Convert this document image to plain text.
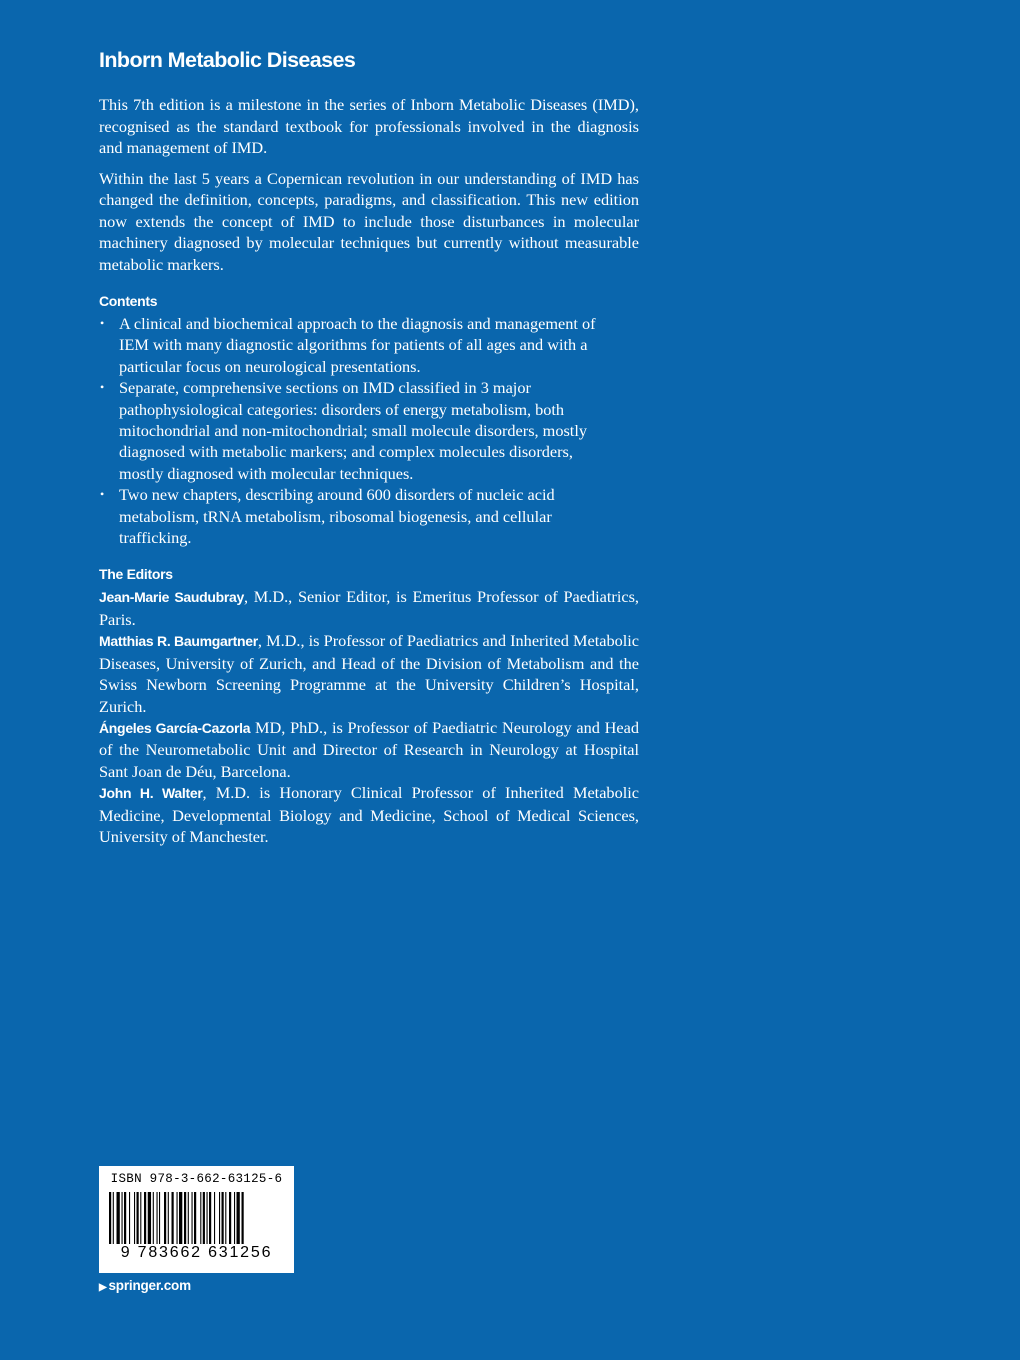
Inborn Metabolic Diseases

This 7th edition is a milestone in the series of Inborn Metabolic Diseases (IMD), recognised as the standard textbook for professionals involved in the diagnosis and management of IMD.

Within the last 5 years a Copernican revolution in our understanding of IMD has changed the definition, concepts, paradigms, and classification. This new edition now extends the concept of IMD to include those disturbances in molecular machinery diagnosed by molecular techniques but currently without measurable metabolic markers.

Contents
• A clinical and biochemical approach to the diagnosis and management of IEM with many diagnostic algorithms for patients of all ages and with a particular focus on neurological presentations.
• Separate, comprehensive sections on IMD classified in 3 major pathophysiological categories: disorders of energy metabolism, both mitochondrial and non-mitochondrial; small molecule disorders, mostly diagnosed with metabolic markers; and complex molecules disorders, mostly diagnosed with molecular techniques.
• Two new chapters, describing around 600 disorders of nucleic acid metabolism, tRNA metabolism, ribosomal biogenesis, and cellular trafficking.
The Editors

Jean-Marie Saudubray, M.D., Senior Editor, is Emeritus Professor of Paediatrics, Paris.

Matthias R. Baumgartner, M.D., is Professor of Paediatrics and Inherited Metabolic Diseases, University of Zurich, and Head of the Division of Metabolism and the Swiss Newborn Screening Programme at the University Children’s Hospital, Zurich.

Ángeles García-Cazorla MD, PhD., is Professor of Paediatric Neurology and Head of the Neurometabolic Unit and Director of Research in Neurology at Hospital Sant Joan de Déu, Barcelona.

John H. Walter, M.D. is Honorary Clinical Professor of Inherited Metabolic Medicine, Developmental Biology and Medicine, School of Medical Sciences, University of Manchester.

ISBN 978-3-662-63125-6
9 783662 631256
▶ springer.com
